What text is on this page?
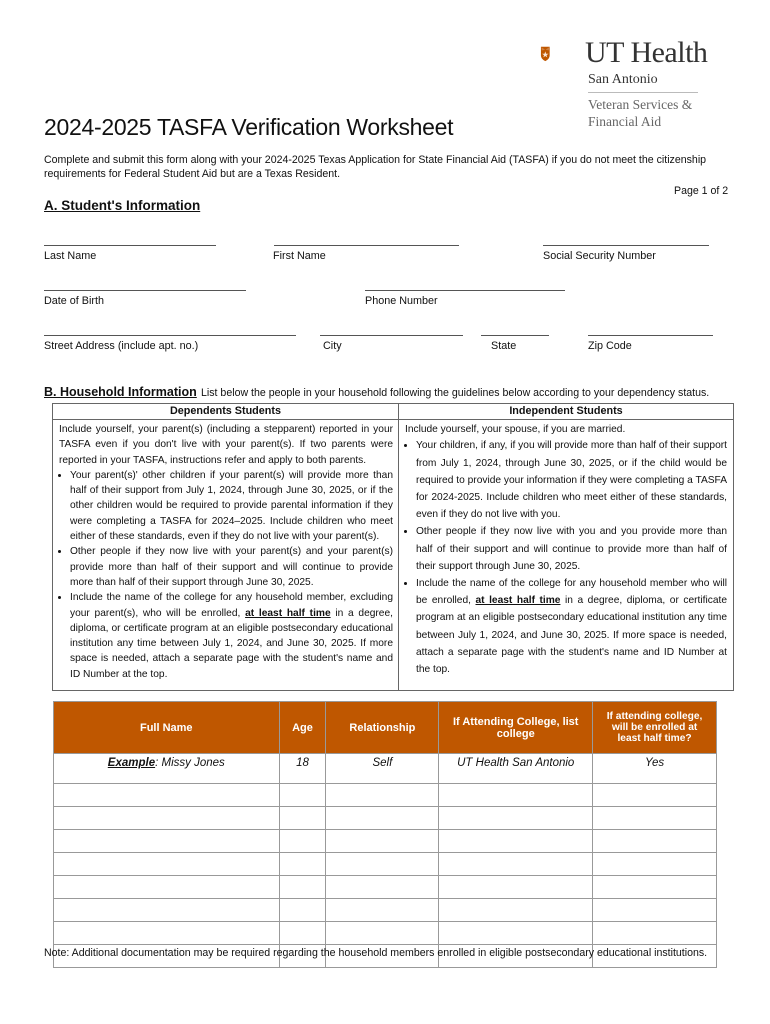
UT Health
San Antonio
Veteran Services &
Financial Aid
2024-2025 TASFA Verification Worksheet
Complete and submit this form along with your 2024-2025 Texas Application for State Financial Aid (TASFA) if you do not meet the citizenship requirements for Federal Student Aid but are a Texas Resident.
Page 1 of 2
A. Student's Information
Last Name	First Name	Social Security Number
Date of Birth	Phone Number
Street Address (include apt. no.)	City	State	Zip Code
B. Household Information List below the people in your household following the guidelines below according to your dependency status.
Dependents Students

Include yourself, your parent(s) (including a stepparent) reported in your TASFA even if you don't live with your parent(s). If two parents were reported in your TASFA, instructions refer and apply to both parents.

• Your parent(s)' other children if your parent(s) will provide more than half of their support from July 1, 2024, through June 30, 2025, or if the other children would be required to provide parental information if they were completing a TASFA for 2024–2025. Include children who meet either of these standards, even if they do not live with your parent(s).
• Other people if they now live with your parent(s) and your parent(s) provide more than half of their support and will continue to provide more than half of their support through June 30, 2025.
• Include the name of the college for any household member, excluding your parent(s), who will be enrolled, at least half time in a degree, diploma, or certificate program at an eligible postsecondary educational institution any time between July 1, 2024, and June 30, 2025. If more space is needed, attach a separate page with the student's name and ID Number at the top.
Independent Students

Include yourself, your spouse, if you are married.

• Your children, if any, if you will provide more than half of their support from July 1, 2024, through June 30, 2025, or if the child would be required to provide your information if they were completing a TASFA for 2024-2025. Include children who meet either of these standards, even if they do not live with you.
• Other people if they now live with you and you provide more than half of their support and will continue to provide more than half of their support through June 30, 2025.
• Include the name of the college for any household member who will be enrolled, at least half time in a degree, diploma, or certificate program at an eligible postsecondary educational institution any time between July 1, 2024, and June 30, 2025. If more space is needed, attach a separate page with the student's name and ID Number at the top.
Full Name	Age	Relationship	If Attending College, list college	If attending college, will be enrolled at least half time?
Example: Missy Jones	18	Self	UT Health San Antonio	Yes

Note: Additional documentation may be required regarding the household members enrolled in eligible postsecondary educational institutions.
